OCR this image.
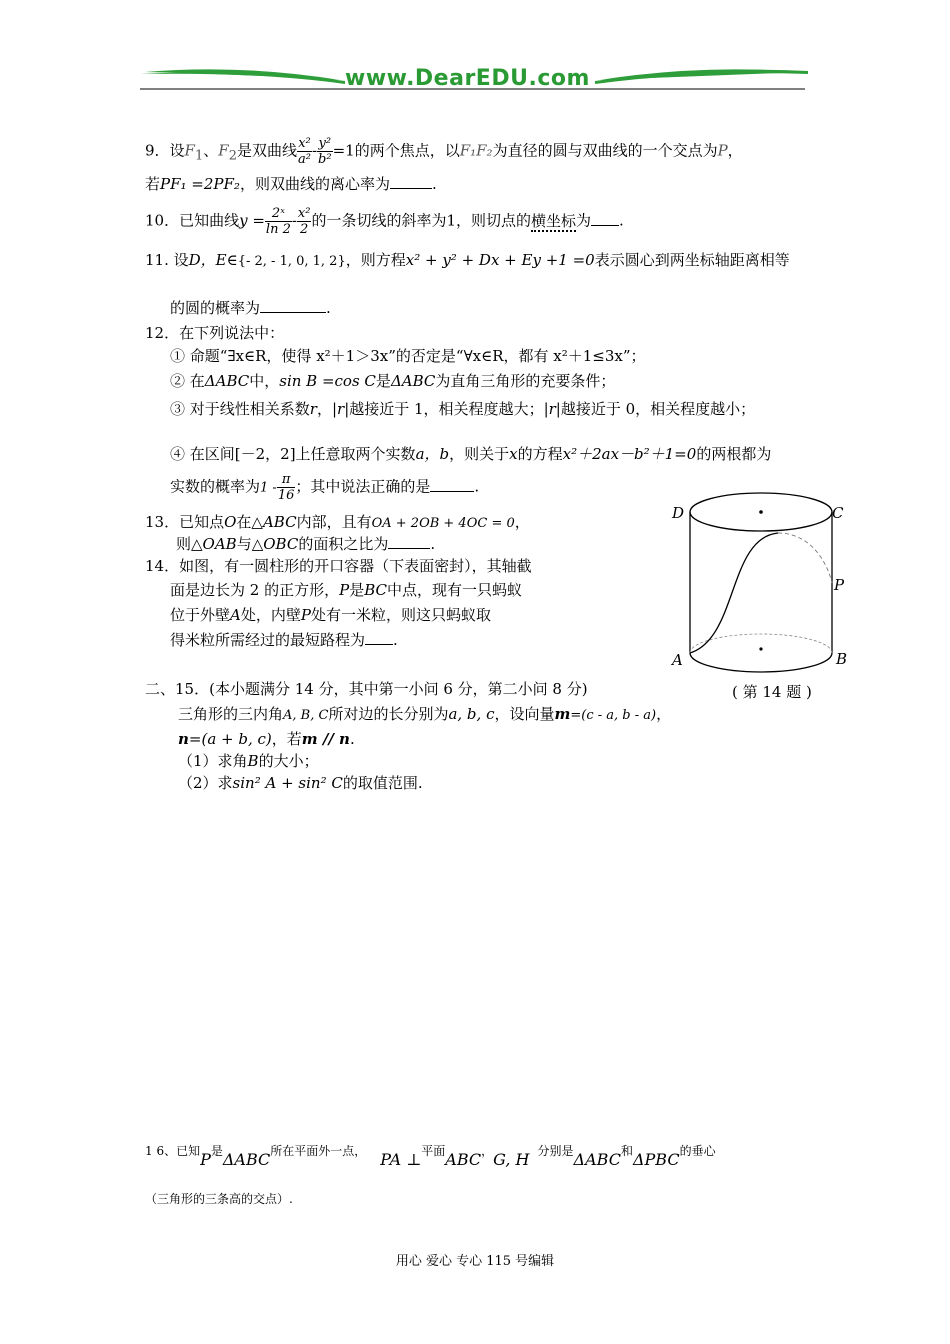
www.DearEDU.com
9．设$F_1$、$F_2$是双曲线 $\frac{\text{x²}}{\text{a²}} - \frac{\text{y²}}{\text{b²}} =1$的两个焦点，以F₁F₂为直径的圆与双曲线的一个交点为P，
若PF₁ =2PF₂，则双曲线的离心率为	.
10．已知曲线$y = \frac{\text{2ˣ}}{\ln 2} - \frac{\text{x²}}{2}$ 的一条切线的斜率为1，则切点的横坐标为 .
11. 设D，E∈{- 2, - 1, 0, 1, 2}，则方程x² + y² + Dx + Ey +1 =0表示圆心到两坐标轴距离相等
的圆的概率为	.
12．在下列说法中：
① 命题“∃x∈R，使得 x²＋1＞3x”的否定是“∀x∈R，都有 x²＋1≤3x”；
② 在ΔABC中，sin B =cos C是ΔABC为直角三角形的充要条件；
③ 对于线性相关系数r，|r|越接近于 1，相关程度越大；|r|越接近于 0，相关程度越小；
④ 在区间[－2，2]上任意取两个实数a，b，则关于x的方程x²＋2ax－b²＋1=0的两根都为
实数的概率为$1 - \frac{\pi}{16}$ ；其中说法正确的是	.
13．已知点O在△ABC内部，且有OA + 2OB + 4OC = 0，
则△OAB与△OBC的面积之比为	.
14．如图，有一圆柱形的开口容器（下表面密封），其轴截
面是边长为 2 的正方形，P是BC中点，现有一只蚂蚁
位于外壁A处，内壁P处有一米粒，则这只蚂蚁取
得米粒所需经过的最短路程为 .
D	C
P
A	B
( 第 14 题 )
二、15．(本小题满分 14 分，其中第一小问 6 分，第二小问 8 分)
三角形的三内角A, B, C所对边的长分别为a, b, c，设向量m=(c - a, b - a)，
n=(a + b, c)，若m // n.
（1）求角B的大小；
（2）求sin² A + sin² C的取值范围.
1 6、已知P是ΔABC所在平面外一点， PA ⊥平面ABC，G, H 分别是ΔABC和ΔPBC的垂心
（三角形的三条高的交点）.
用心 爱心 专心 115 号编辑
